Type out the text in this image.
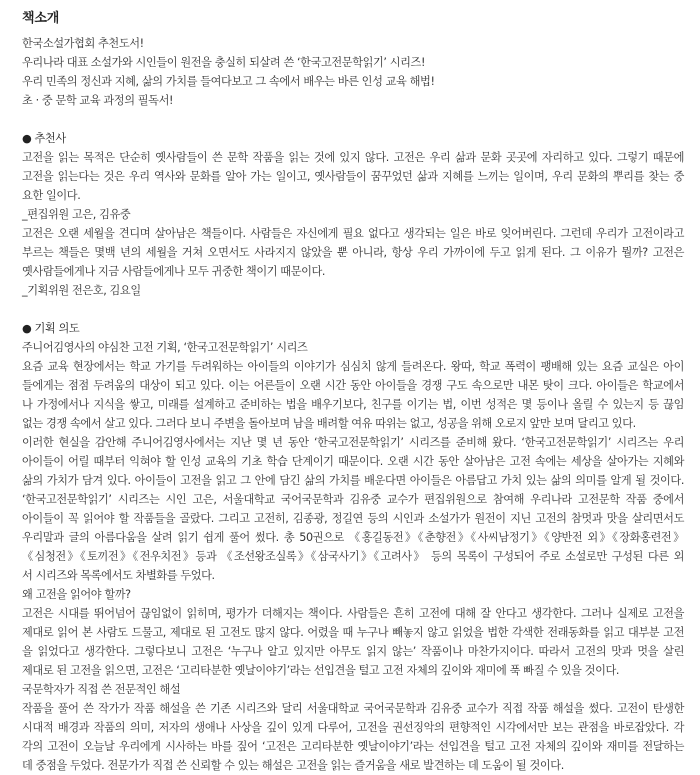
책소개
한국소설가협회 추천도서!
우리나라 대표 소설가와 시인들이 원전을 충실히 되살려 쓴 ‘한국고전문학읽기’ 시리즈!
우리 민족의 정신과 지혜, 삶의 가치를 들여다보고 그 속에서 배우는 바른 인성 교육 해법!
초 · 중 문학 교육 과정의 필독서!
● 추천사
고전을 읽는 목적은 단순히 옛사람들이 쓴 문학 작품을 읽는 것에 있지 않다. 고전은 우리 삶과 문화 곳곳에 자리하고 있다. 그렇기 때문에
고전을 읽는다는 것은 우리 역사와 문화를 알아 가는 일이고, 옛사람들이 꿈꾸었던 삶과 지혜를 느끼는 일이며, 우리 문화의 뿌리를 찾는 중
요한 일이다.
_편집위원 고은, 김유중
고전은 오랜 세월을 견디며 살아남은 책들이다. 사람들은 자신에게 필요 없다고 생각되는 일은 바로 잊어버린다. 그런데 우리가 고전이라고
부르는 책들은 몇백 년의 세월을 거쳐 오면서도 사라지지 않았을 뿐 아니라, 항상 우리 가까이에 두고 읽게 된다. 그 이유가 뭘까? 고전은
옛사람들에게나 지금 사람들에게나 모두 귀중한 책이기 때문이다.
_기획위원 전은호, 김요일
● 기획 의도
주니어김영사의 야심찬 고전 기획, ‘한국고전문학읽기’ 시리즈
요즘 교육 현장에서는 학교 가기를 두려워하는 아이들의 이야기가 심심치 않게 들려온다. 왕따, 학교 폭력이 팽배해 있는 요즘 교실은 아이
들에게는 점점 두려움의 대상이 되고 있다. 이는 어른들이 오랜 시간 동안 아이들을 경쟁 구도 속으로만 내몬 탓이 크다. 아이들은 학교에서
나 가정에서나 지식을 쌓고, 미래를 설계하고 준비하는 법을 배우기보다, 친구를 이기는 법, 이번 성적은 몇 등이나 올릴 수 있는지 등 끊임
없는 경쟁 속에서 살고 있다. 그러다 보니 주변을 돌아보며 남을 배려할 여유 따위는 없고, 성공을 위해 오로지 앞만 보며 달리고 있다.
이러한 현실을 감안해 주니어김영사에서는 지난 몇 년 동안 ‘한국고전문학읽기’ 시리즈를 준비해 왔다. ‘한국고전문학읽기’ 시리즈는 우리
아이들이 어릴 때부터 익혀야 할 인성 교육의 기초 학습 단계이기 때문이다. 오랜 시간 동안 살아남은 고전 속에는 세상을 살아가는 지혜와
삶의 가치가 담겨 있다. 아이들이 고전을 읽고 그 안에 담긴 삶의 가치를 배운다면 아이들은 아름답고 가치 있는 삶의 의미를 알게 될 것이다.
‘한국고전문학읽기’ 시리즈는 시인 고은, 서울대학교 국어국문학과 김유중 교수가 편집위원으로 참여해 우리나라 고전문학 작품 중에서
아이들이 꼭 읽어야 할 작품들을 골랐다. 그리고 고전히, 김종광, 정길연 등의 시인과 소설가가 원전이 지닌 고전의 참멋과 맛을 살리면서도
우리말과 글의 아름다움을 살려 읽기 쉽게 풀어 썼다. 총 50권으로 《홍길동전》《춘향전》《사씨남정기》《양반전 외》《장화홍련전》
《심청전》《토끼전》《전우치전》등과 《조선왕조실록》《삼국사기》《고려사》 등의 목록이 구성되어 주로 소설로만 구성된 다른 외
서 시리즈와 목록에서도 차별화를 두었다.
왜 고전을 읽어야 할까?
고전은 시대를 뛰어넘어 끊임없이 읽히며, 평가가 더해지는 책이다. 사람들은 흔히 고전에 대해 잘 안다고 생각한다. 그러나 실제로 고전을
제대로 읽어 본 사람도 드물고, 제대로 된 고전도 많지 않다. 어렸을 때 누구나 빼놓지 않고 읽었을 법한 각색한 전래동화를 읽고 대부분 고전
을 읽었다고 생각한다. 그렇다보니 고전은 ‘누구나 알고 있지만 아무도 읽지 않는’ 작품이나 마찬가지이다. 따라서 고전의 맛과 멋을 살린
제대로 된 고전을 읽으면, 고전은 ‘고리타분한 옛날이야기’라는 선입견을 털고 고전 자체의 깊이와 재미에 푹 빠질 수 있을 것이다.
국문학자가 직접 쓴 전문적인 해설
작품을 풀어 쓴 작가가 작품 해설을 쓴 기존 시리즈와 달리 서울대학교 국어국문학과 김유중 교수가 직접 작품 해설을 썼다. 고전이 탄생한
시대적 배경과 작품의 의미, 저자의 생애나 사상을 깊이 있게 다루어, 고전을 권선징악의 편향적인 시각에서만 보는 관점을 바로잡았다. 각
각의 고전이 오늘날 우리에게 시사하는 바를 짚어 ‘고전은 고리타분한 옛날이야기’라는 선입견을 털고 고전 자체의 깊이와 재미를 전달하는
데 중점을 두었다. 전문가가 직접 쓴 신뢰할 수 있는 해설은 고전을 읽는 즐거움을 새로 발견하는 데 도움이 될 것이다.
